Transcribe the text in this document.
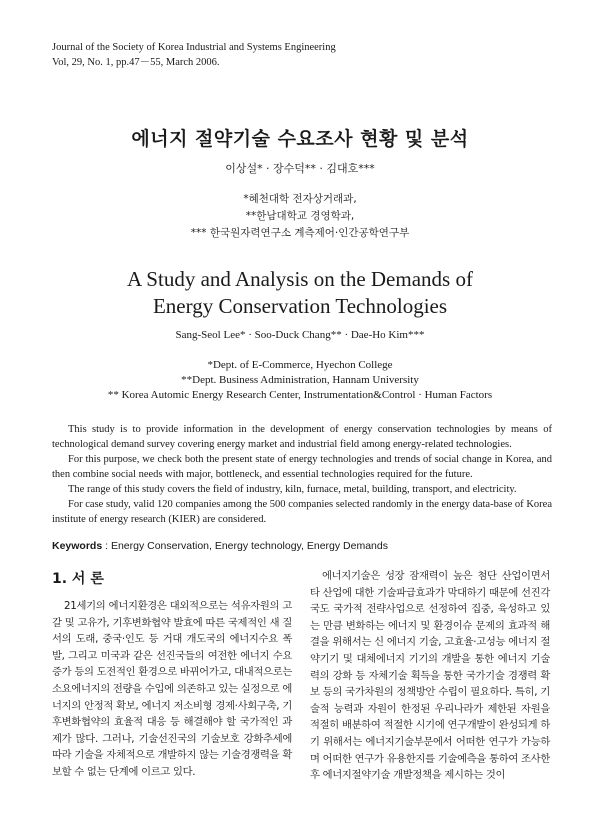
Journal of the Society of Korea Industrial and Systems Engineering
Vol, 29, No. 1, pp.47－55, March 2006.
에너지 절약기술 수요조사 현황 및 분석
이상설* · 장수덕** · 김대호***
*혜천대학 전자상거래과,
**한남대학교 경영학과,
*** 한국원자력연구소 계측제어·인간공학연구부
A Study and Analysis on the Demands of
Energy Conservation Technologies
Sang-Seol Lee* · Soo-Duck Chang** · Dae-Ho Kim***
*Dept. of E-Commerce, Hyechon College
**Dept. Business Administration, Hannam University
** Korea Automic Energy Research Center, Instrumentation&Control · Human Factors

This study is to provide information in the development of energy conservation technologies by means of technological demand survey covering energy market and industrial field among energy-related technologies.

For this purpose, we check both the present state of energy technologies and trends of social change in Korea, and then combine social needs with major, bottleneck, and essential technologies required for the future.

The range of this study covers the field of industry, kiln, furnace, metal, building, transport, and electricity.

For case study, valid 120 companies among the 500 companies selected randomly in the energy data-base of Korea institute of energy research (KIER) are considered.

Keywords : Energy Conservation, Energy technology, Energy Demands
1. 서 론

21세기의 에너지환경은 대외적으로는 석유자원의 고갈 및 고유가, 기후변화협약 발효에 따른 국제적인 새 질서의 도래, 중국·인도 등 거대 개도국의 에너지수요 폭발, 그리고 미국과 같은 선진국들의 여전한 에너지 수요 증가 등의 도전적인 환경으로 바뀌어가고, 대내적으로는 소요에너지의 전량을 수입에 의존하고 있는 실정으로 에너지의 안정적 확보, 에너지 저소비형 경제·사회구축, 기후변화협약의 효율적 대응 등 해결해야 할 국가적인 과제가 많다. 그러나, 기술선진국의 기술보호 강화추세에 따라 기술을 자체적으로 개발하지 않는 기술경쟁력을 확보할 수 없는 단계에 이르고 있다.

에너지기술은 성장 잠재력이 높은 첨단 산업이면서 타 산업에 대한 기술파급효과가 막대하기 때문에 선진각국도 국가적 전략사업으로 선정하여 집중, 육성하고 있는 만큼 변화하는 에너지 및 환경이슈 문제의 효과적 해결을 위해서는 신 에너지 기술, 고효율·고성능 에너지 절약기기 및 대체에너지 기기의 개발을 통한 에너지 기술력의 강화 등 자체기술 획득을 통한 국가기술 경쟁력 확보 등의 국가차원의 정책방안 수립이 필요하다. 특히, 기술적 능력과 자원이 한정된 우리나라가 제한된 자원을 적절히 배분하여 적절한 시기에 연구개발이 완성되게 하기 위해서는 에너지기술부문에서 어떠한 연구가 가능하며 어떠한 연구가 유용한지를 기술예측을 통하여 조사한 후 에너지절약기술 개발정책을 제시하는 것이
